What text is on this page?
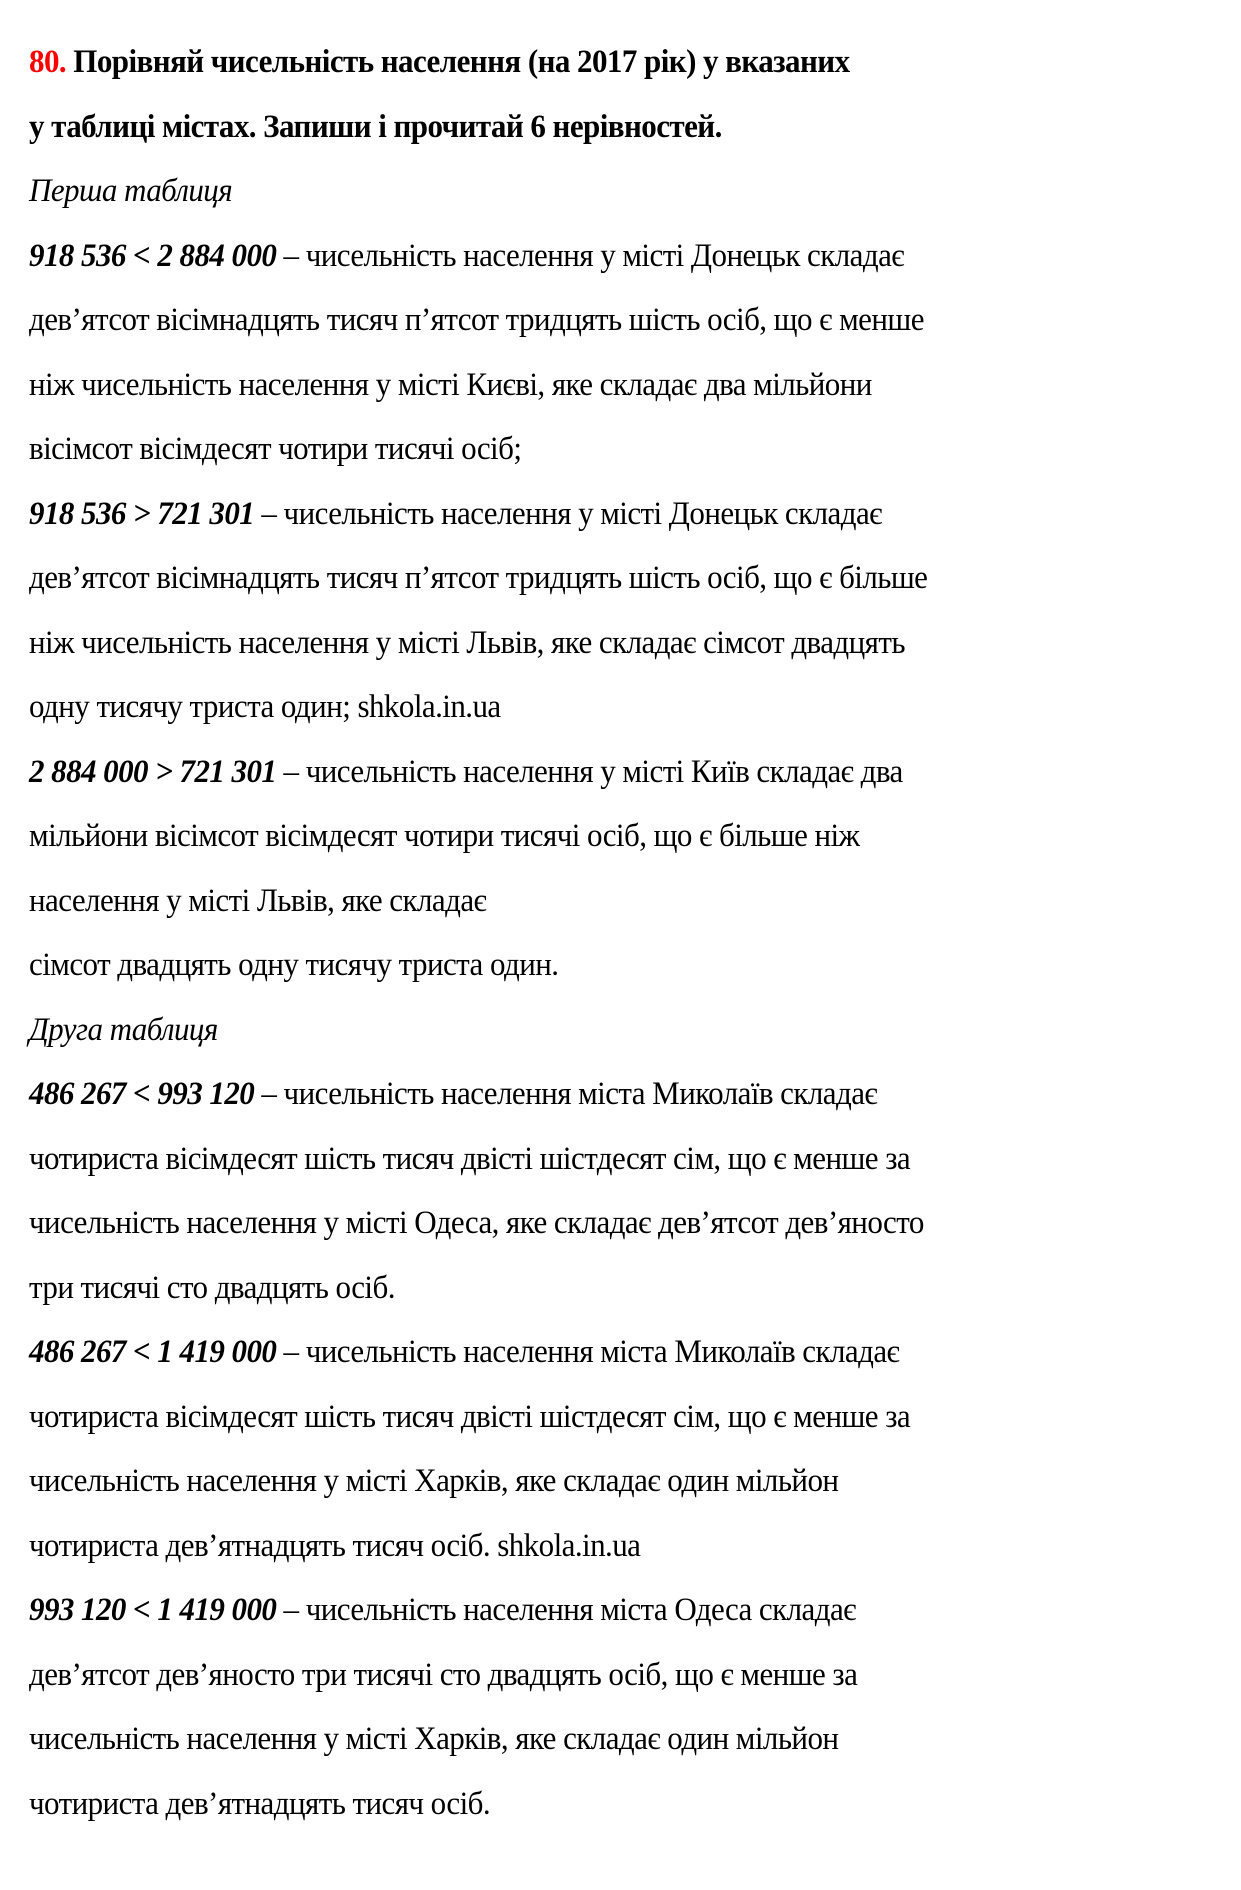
80. Порівняй чисельність населення (на 2017 рік) у вказаних
у таблиці містах. Запиши і прочитай 6 нерівностей.
Перша таблиця
918 536 < 2 884 000 – чисельність населення у місті Донецьк складає
дев’ятсот вісімнадцять тисяч п’ятсот тридцять шість осіб, що є менше
ніж чисельність населення у місті Києві, яке складає два мільйони
вісімсот вісімдесят чотири тисячі осіб;
918 536 > 721 301 – чисельність населення у місті Донецьк складає
дев’ятсот вісімнадцять тисяч п’ятсот тридцять шість осіб, що є більше
ніж чисельність населення у місті Львів, яке складає сімсот двадцять
одну тисячу триста один; shkola.in.ua
2 884 000 > 721 301 – чисельність населення у місті Київ складає два
мільйони вісімсот вісімдесят чотири тисячі осіб, що є більше ніж
населення у місті Львів, яке складає
сімсот двадцять одну тисячу триста один.
Друга таблиця
486 267 < 993 120 – чисельність населення міста Миколаїв складає
чотириста вісімдесят шість тисяч двісті шістдесят сім, що є менше за
чисельність населення у місті Одеса, яке складає дев’ятсот дев’яносто
три тисячі сто двадцять осіб.
486 267 < 1 419 000 – чисельність населення міста Миколаїв складає
чотириста вісімдесят шість тисяч двісті шістдесят сім, що є менше за
чисельність населення у місті Харків, яке складає один мільйон
чотириста дев’ятнадцять тисяч осіб. shkola.in.ua
993 120 < 1 419 000 – чисельність населення міста Одеса складає
дев’ятсот дев’яносто три тисячі сто двадцять осіб, що є менше за
чисельність населення у місті Харків, яке складає один мільйон
чотириста дев’ятнадцять тисяч осіб.
